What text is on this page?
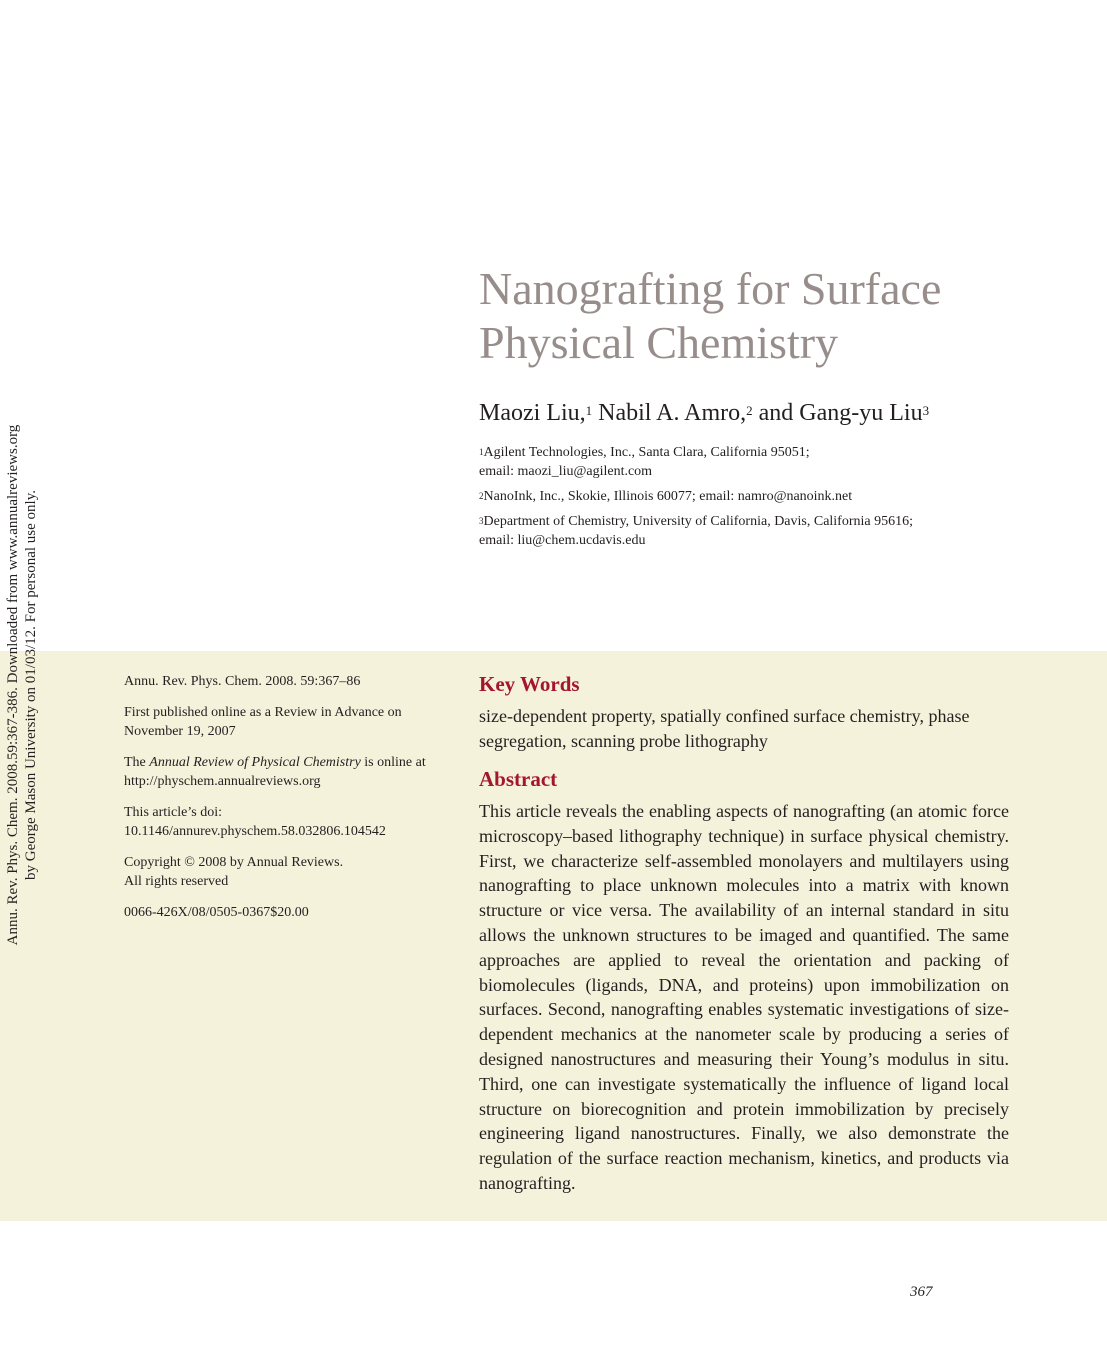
Annu. Rev. Phys. Chem. 2008.59:367-386. Downloaded from www.annualreviews.org by George Mason University on 01/03/12. For personal use only.
Nanografting for Surface
Physical Chemistry

Maozi Liu,$^1$ Nabil A. Amro,$^2$ and Gang-yu Liu$^3$

$^1$Agilent Technologies, Inc., Santa Clara, California 95051;
email: maozi_liu@agilent.com
$^2$NanoInk, Inc., Skokie, Illinois 60077; email: namro@nanoink.net
$^3$Department of Chemistry, University of California, Davis, California 95616;
email: liu@chem.ucdavis.edu

Annu. Rev. Phys. Chem. 2008. 59:367–86

First published online as a Review in Advance on
November 19, 2007

The Annual Review of Physical Chemistry is online at
http://physchem.annualreviews.org

This article’s doi:
10.1146/annurev.physchem.58.032806.104542

Copyright © 2008 by Annual Reviews.
All rights reserved

0066-426X/08/0505-0367$20.00

Key Words

size-dependent property, spatially confined surface chemistry, phase segregation, scanning probe lithography

Abstract

This article reveals the enabling aspects of nanografting (an atomic force microscopy–based lithography technique) in surface physical chemistry. First, we characterize self-assembled monolayers and multilayers using nanografting to place unknown molecules into a matrix with known structure or vice versa. The availability of an internal standard in situ allows the unknown structures to be imaged and quantified. The same approaches are applied to reveal the orientation and packing of biomolecules (ligands, DNA, and proteins) upon immobilization on surfaces. Second, nanografting enables systematic investigations of size-dependent mechanics at the nanometer scale by producing a series of designed nanostructures and measuring their Young’s modulus in situ. Third, one can investigate systematically the influence of ligand local structure on biorecognition and protein immobilization by precisely engineering ligand nanostructures. Finally, we also demonstrate the regulation of the surface reaction mechanism, kinetics, and products via nanografting.

367
